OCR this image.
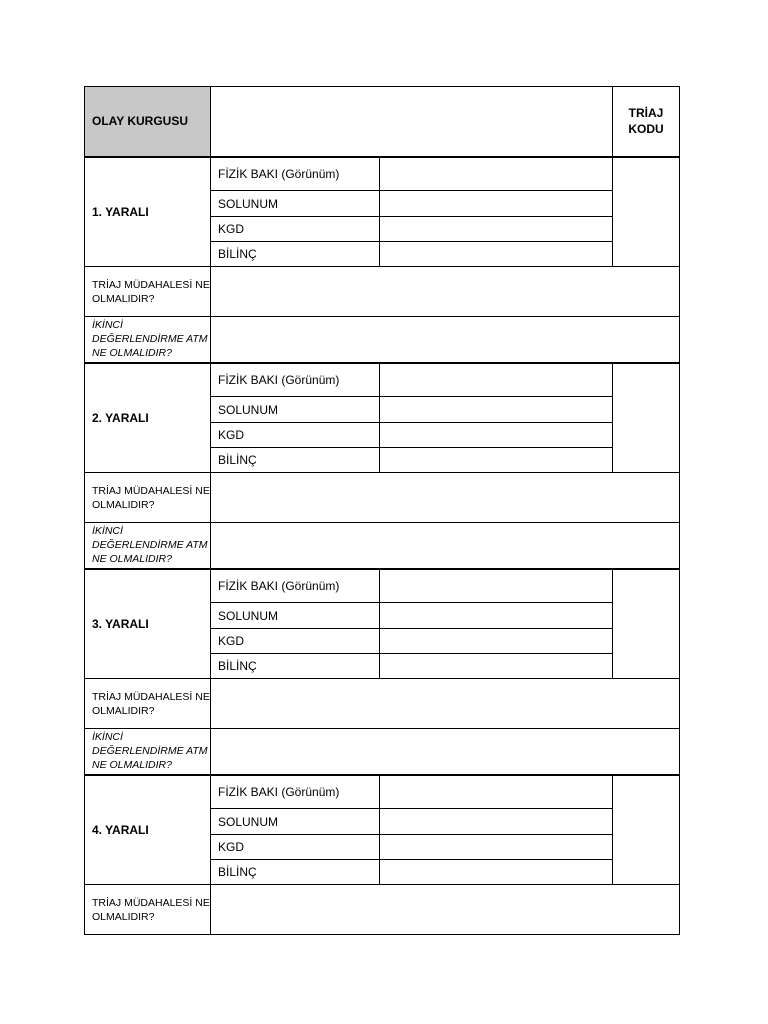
OLAY KURGUSU			TRİAJ
KODU
1. YARALI	FİZİK BAKI (Görünüm)		
	SOLUNUM		
	KGD		
	BİLİNÇ		
TRİAJ MÜDAHALESİ NE OLMALIDIR?			
İKİNCİ DEĞERLENDİRME ATM NE OLMALIDIR?			
2. YARALI	FİZİK BAKI (Görünüm)		
	SOLUNUM		
	KGD		
	BİLİNÇ		
TRİAJ MÜDAHALESİ NE OLMALIDIR?			
İKİNCİ DEĞERLENDİRME ATM NE OLMALIDIR?			
3. YARALI	FİZİK BAKI (Görünüm)		
	SOLUNUM		
	KGD		
	BİLİNÇ		
TRİAJ MÜDAHALESİ NE OLMALIDIR?			
İKİNCİ DEĞERLENDİRME ATM NE OLMALIDIR?			
4. YARALI	FİZİK BAKI (Görünüm)		
	SOLUNUM		
	KGD		
	BİLİNÇ		
TRİAJ MÜDAHALESİ NE OLMALIDIR?			
